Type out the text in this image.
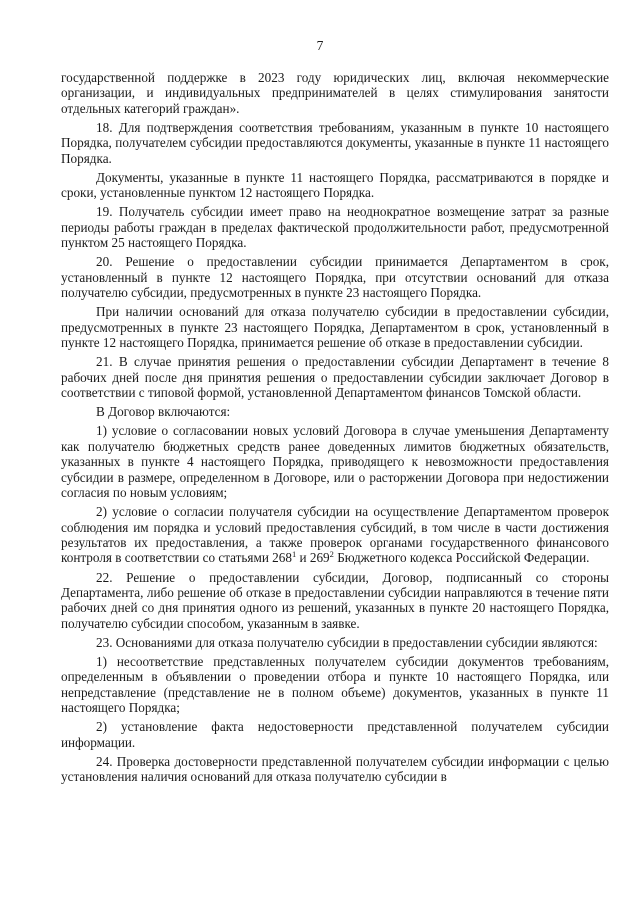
7

государственной поддержке в 2023 году юридических лиц, включая некоммерческие организации, и индивидуальных предпринимателей в целях стимулирования занятости отдельных категорий граждан».

18. Для подтверждения соответствия требованиям, указанным в пункте 10 настоящего Порядка, получателем субсидии предоставляются документы, указанные в пункте 11 настоящего Порядка.

Документы, указанные в пункте 11 настоящего Порядка, рассматриваются в порядке и сроки, установленные пунктом 12 настоящего Порядка.

19. Получатель субсидии имеет право на неоднократное возмещение затрат за разные периоды работы граждан в пределах фактической продолжительности работ, предусмотренной пунктом 25 настоящего Порядка.

20. Решение о предоставлении субсидии принимается Департаментом в срок, установленный в пункте 12 настоящего Порядка, при отсутствии оснований для отказа получателю субсидии, предусмотренных в пункте 23 настоящего Порядка.

При наличии оснований для отказа получателю субсидии в предоставлении субсидии, предусмотренных в пункте 23 настоящего Порядка, Департаментом в срок, установленный в пункте 12 настоящего Порядка, принимается решение об отказе в предоставлении субсидии.

21. В случае принятия решения о предоставлении субсидии Департамент в течение 8 рабочих дней после дня принятия решения о предоставлении субсидии заключает Договор в соответствии с типовой формой, установленной Департаментом финансов Томской области.

В Договор включаются:

1) условие о согласовании новых условий Договора в случае уменьшения Департаменту как получателю бюджетных средств ранее доведенных лимитов бюджетных обязательств, указанных в пункте 4 настоящего Порядка, приводящего к невозможности предоставления субсидии в размере, определенном в Договоре, или о расторжении Договора при недостижении согласия по новым условиям;

2) условие о согласии получателя субсидии на осуществление Департаментом проверок соблюдения им порядка и условий предоставления субсидий, в том числе в части достижения результатов их предоставления, а также проверок органами государственного финансового контроля в соответствии со статьями $268^1$ и $269^2$ Бюджетного кодекса Российской Федерации.

22. Решение о предоставлении субсидии, Договор, подписанный со стороны Департамента, либо решение об отказе в предоставлении субсидии направляются в течение пяти рабочих дней со дня принятия одного из решений, указанных в пункте 20 настоящего Порядка, получателю субсидии способом, указанным в заявке.

23. Основаниями для отказа получателю субсидии в предоставлении субсидии являются:

1) несоответствие представленных получателем субсидии документов требованиям, определенным в объявлении о проведении отбора и пункте 10 настоящего Порядка, или непредставление (представление не в полном объеме) документов, указанных в пункте 11 настоящего Порядка;

2) установление факта недостоверности представленной получателем субсидии информации.

24. Проверка достоверности представленной получателем субсидии информации с целью установления наличия оснований для отказа получателю субсидии в
